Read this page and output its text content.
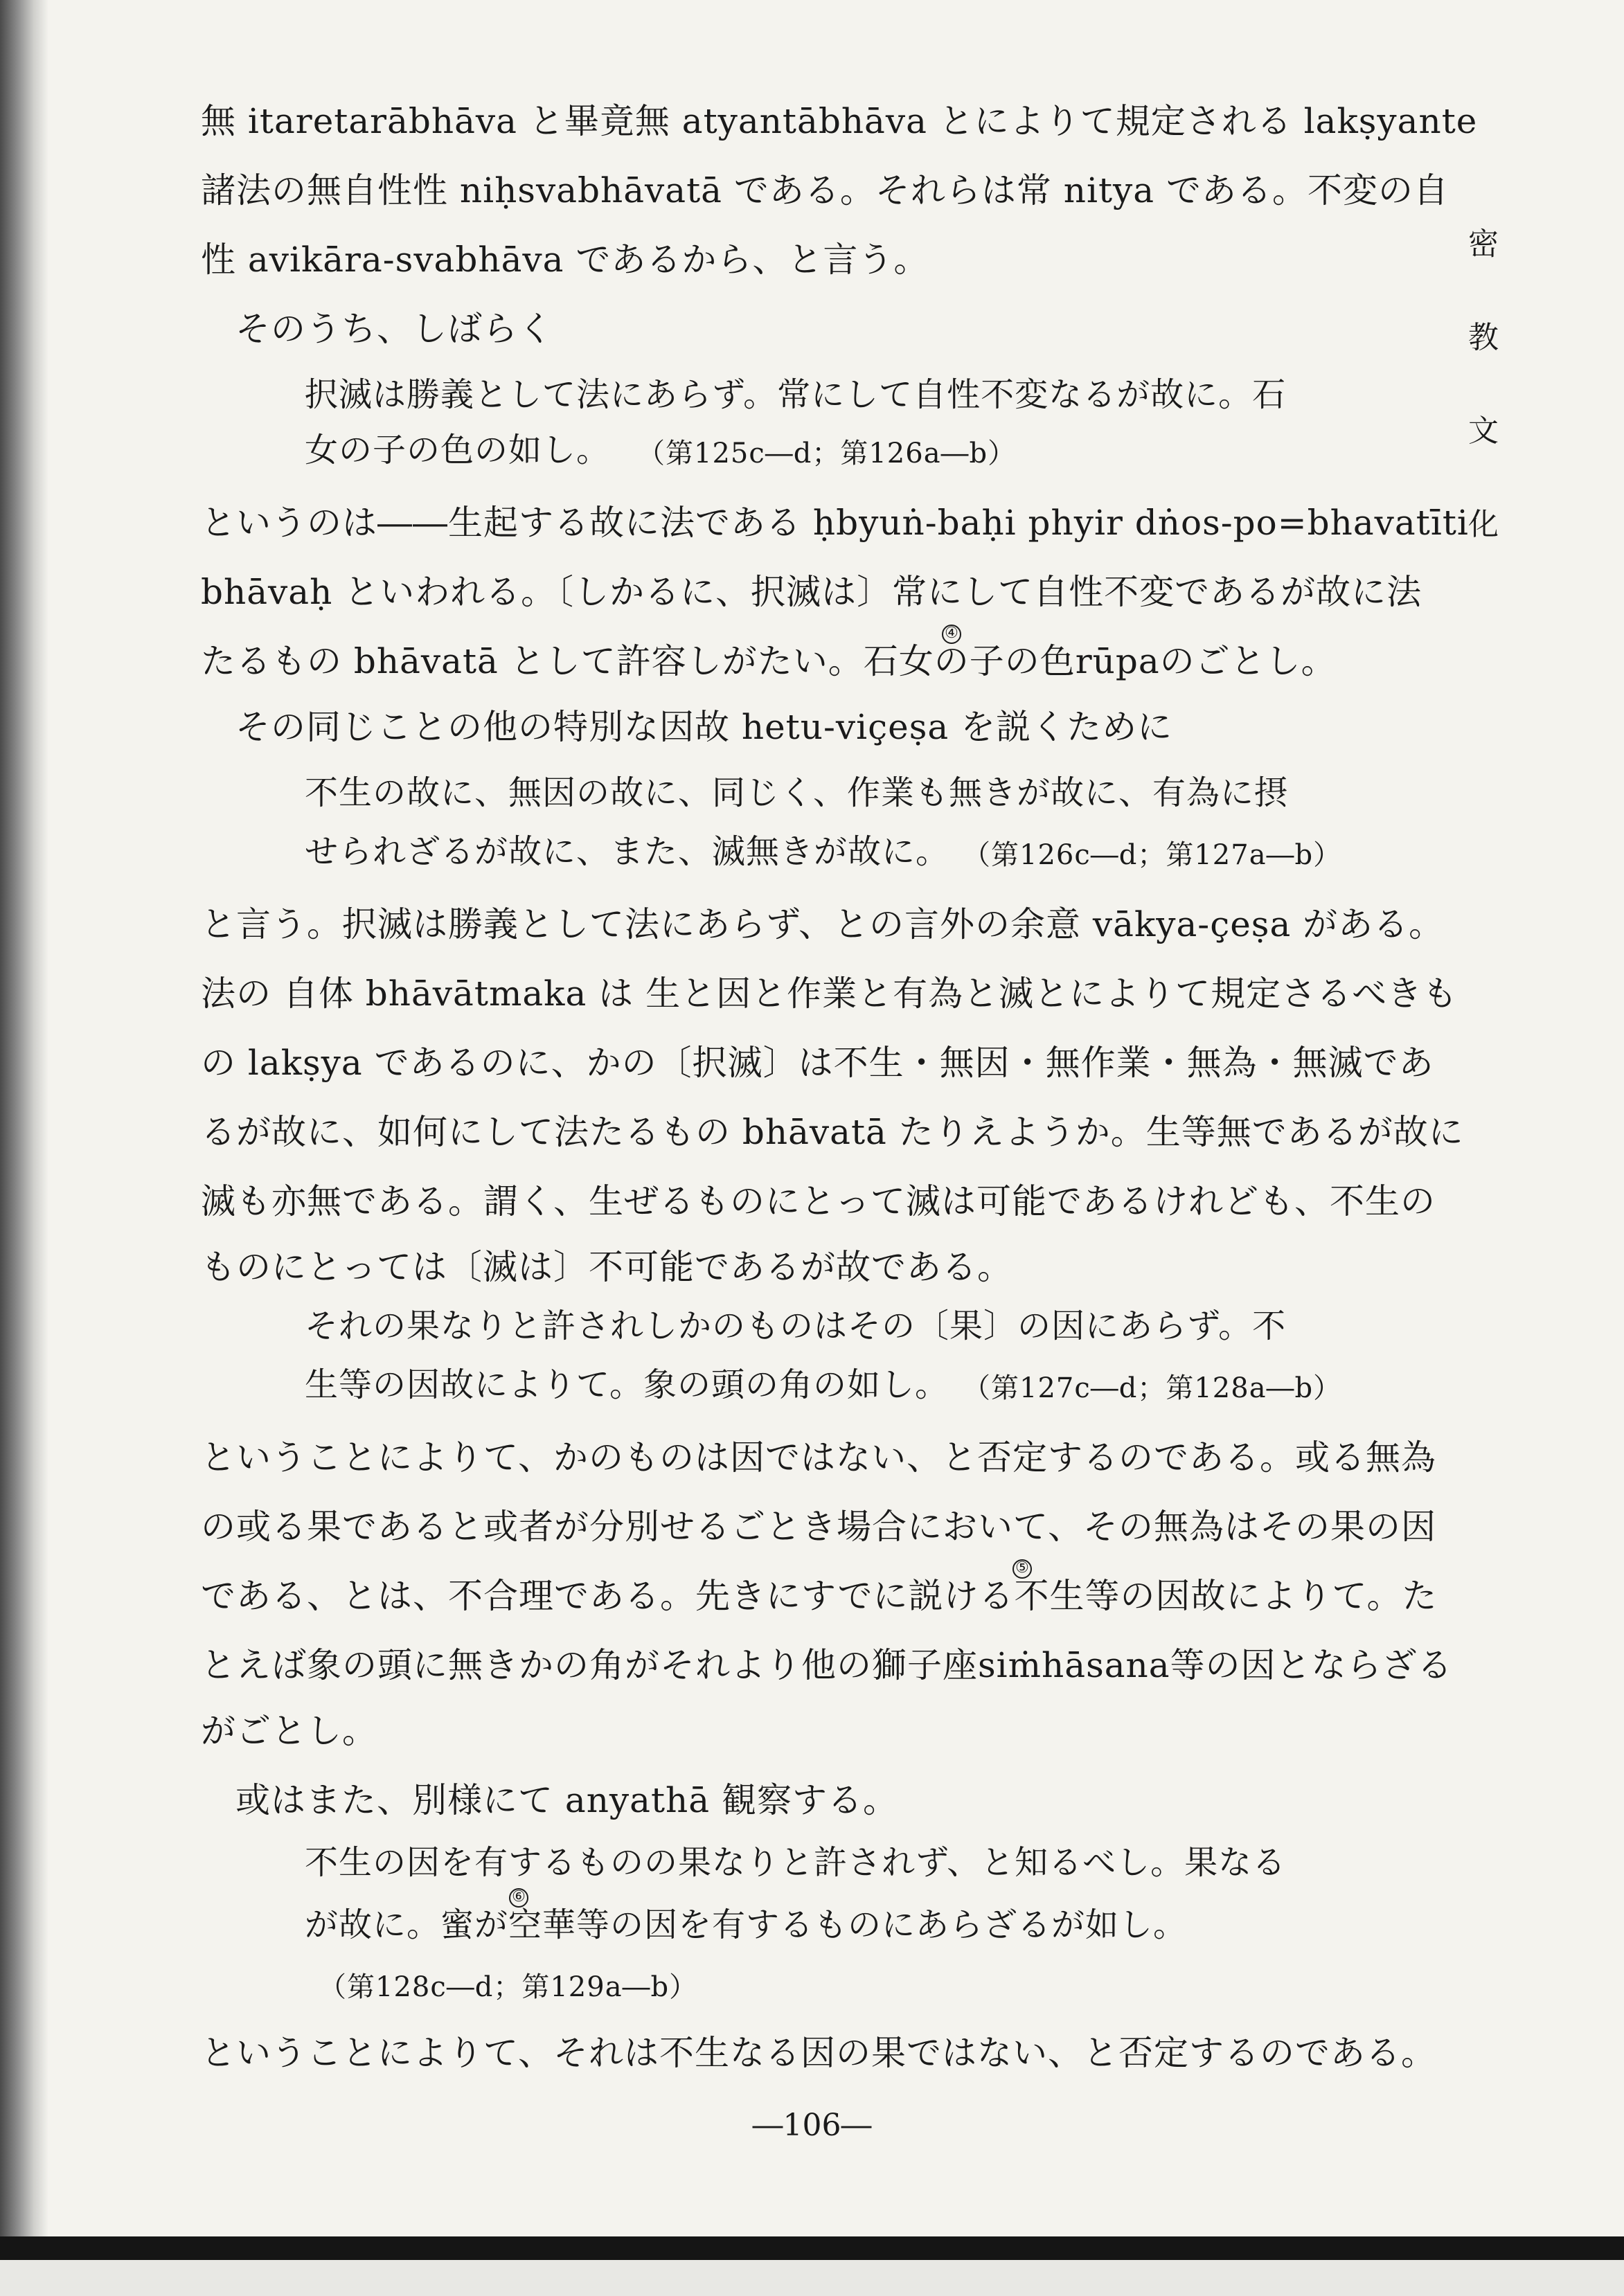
密
教
文
化
無 itaretarābhāva と畢竟無 atyantābhāva とによりて規定される lakṣyante
諸法の無自性性 niḥsvabhāvatā である。それらは常 nitya である。不変の自
性 avikāra-svabhāva であるから、と言う。
そのうち、しばらく
択滅は勝義として法にあらず。常にして自性不変なるが故に。石
女の子の色の如し。 （第125c―d；第126a―b）
というのは――生起する故に法である ḥbyuṅ-baḥi phyir dṅos-po=bhavatīti
bhāvaḥ といわれる。〔しかるに、択滅は〕常にして自性不変であるが故に法
④
たるもの bhāvatā として許容しがたい。石女の子の色rūpaのごとし。
その同じことの他の特別な因故 hetu-viçeṣa を説くために
不生の故に、無因の故に、同じく、作業も無きが故に、有為に摂
せられざるが故に、また、滅無きが故に。 （第126c―d；第127a―b）
と言う。択滅は勝義として法にあらず、との言外の余意 vākya-çeṣa がある。
法の 自体 bhāvātmaka は 生と因と作業と有為と滅とによりて規定さるべきも
の lakṣya であるのに、かの〔択滅〕は不生・無因・無作業・無為・無滅であ
るが故に、如何にして法たるもの bhāvatā たりえようか。生等無であるが故に
滅も亦無である。謂く、生ぜるものにとって滅は可能であるけれども、不生の
ものにとっては〔滅は〕不可能であるが故である。
それの果なりと許されしかのものはその〔果〕の因にあらず。不
生等の因故によりて。象の頭の角の如し。 （第127c―d；第128a―b）
ということによりて、かのものは因ではない、と否定するのである。或る無為
の或る果であると或者が分別せるごとき場合において、その無為はその果の因
⑤
である、とは、不合理である。先きにすでに説ける不生等の因故によりて。た
とえば象の頭に無きかの角がそれより他の獅子座siṁhāsana等の因とならざる
がごとし。
或はまた、別様にて anyathā 観察する。
不生の因を有するものの果なりと許されず、と知るべし。果なる
⑥
が故に。蜜が空華等の因を有するものにあらざるが如し。
（第128c―d；第129a―b）
ということによりて、それは不生なる因の果ではない、と否定するのである。
―106―
